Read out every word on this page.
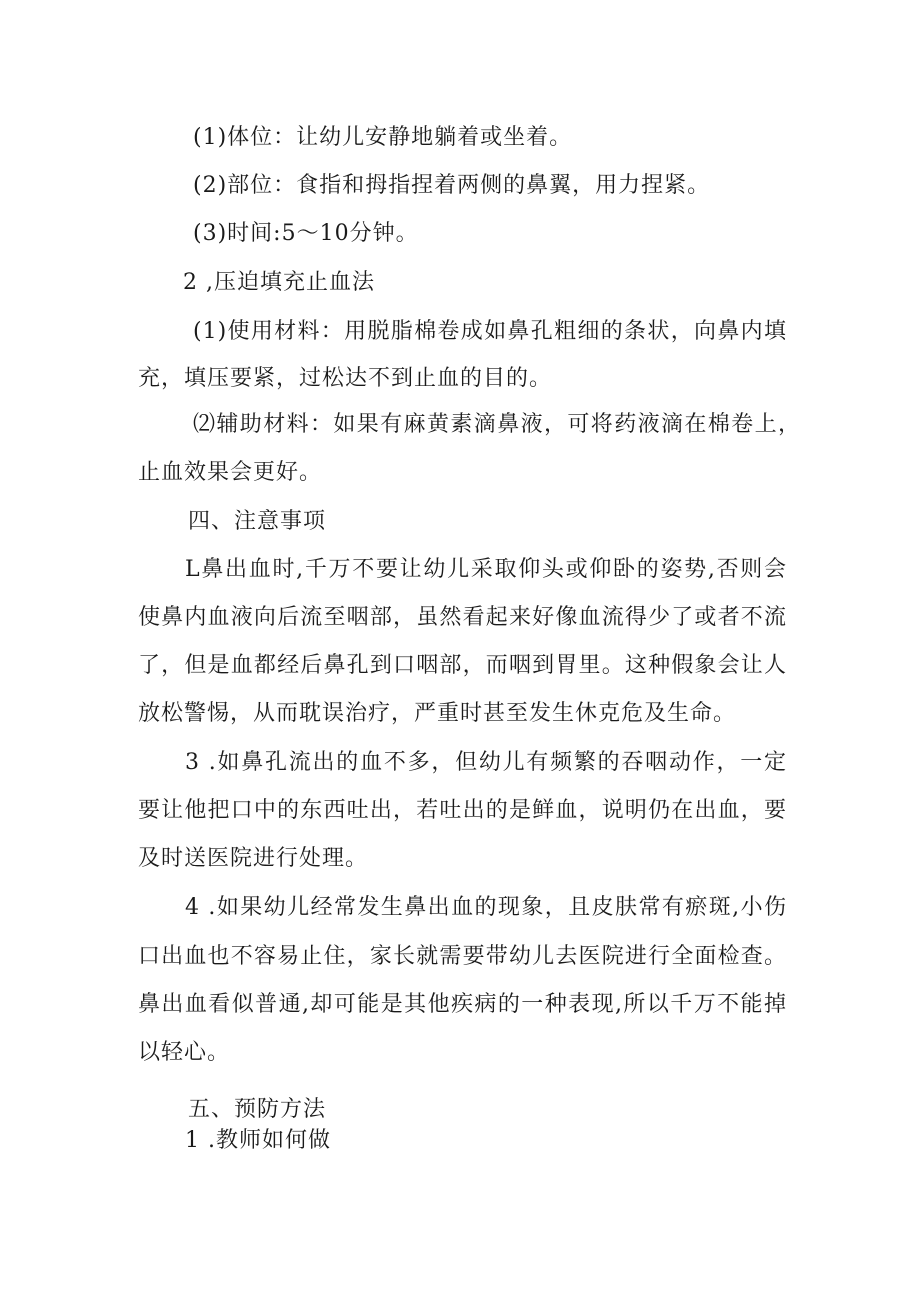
(1)体位：让幼儿安静地躺着或坐着。
(2)部位：食指和拇指捏着两侧的鼻翼，用力捏紧。
(3)时间:5～10分钟。
2 ,压迫填充止血法
(1)使用材料：用脱脂棉卷成如鼻孔粗细的条状，向鼻内填
充，填压要紧，过松达不到止血的目的。
⑵辅助材料：如果有麻黄素滴鼻液，可将药液滴在棉卷上，
止血效果会更好。
四、注意事项
L鼻出血时,千万不要让幼儿采取仰头或仰卧的姿势,否则会
使鼻内血液向后流至咽部，虽然看起来好像血流得少了或者不流
了，但是血都经后鼻孔到口咽部，而咽到胃里。这种假象会让人
放松警惕，从而耽误治疗，严重时甚至发生休克危及生命。
3 .如鼻孔流出的血不多，但幼儿有频繁的吞咽动作，一定
要让他把口中的东西吐出，若吐出的是鲜血，说明仍在出血，要
及时送医院进行处理。
4 .如果幼儿经常发生鼻出血的现象，且皮肤常有瘀斑,小伤
口出血也不容易止住，家长就需要带幼儿去医院进行全面检查。
鼻出血看似普通,却可能是其他疾病的一种表现,所以千万不能掉
以轻心。
五、预防方法
1 .教师如何做
